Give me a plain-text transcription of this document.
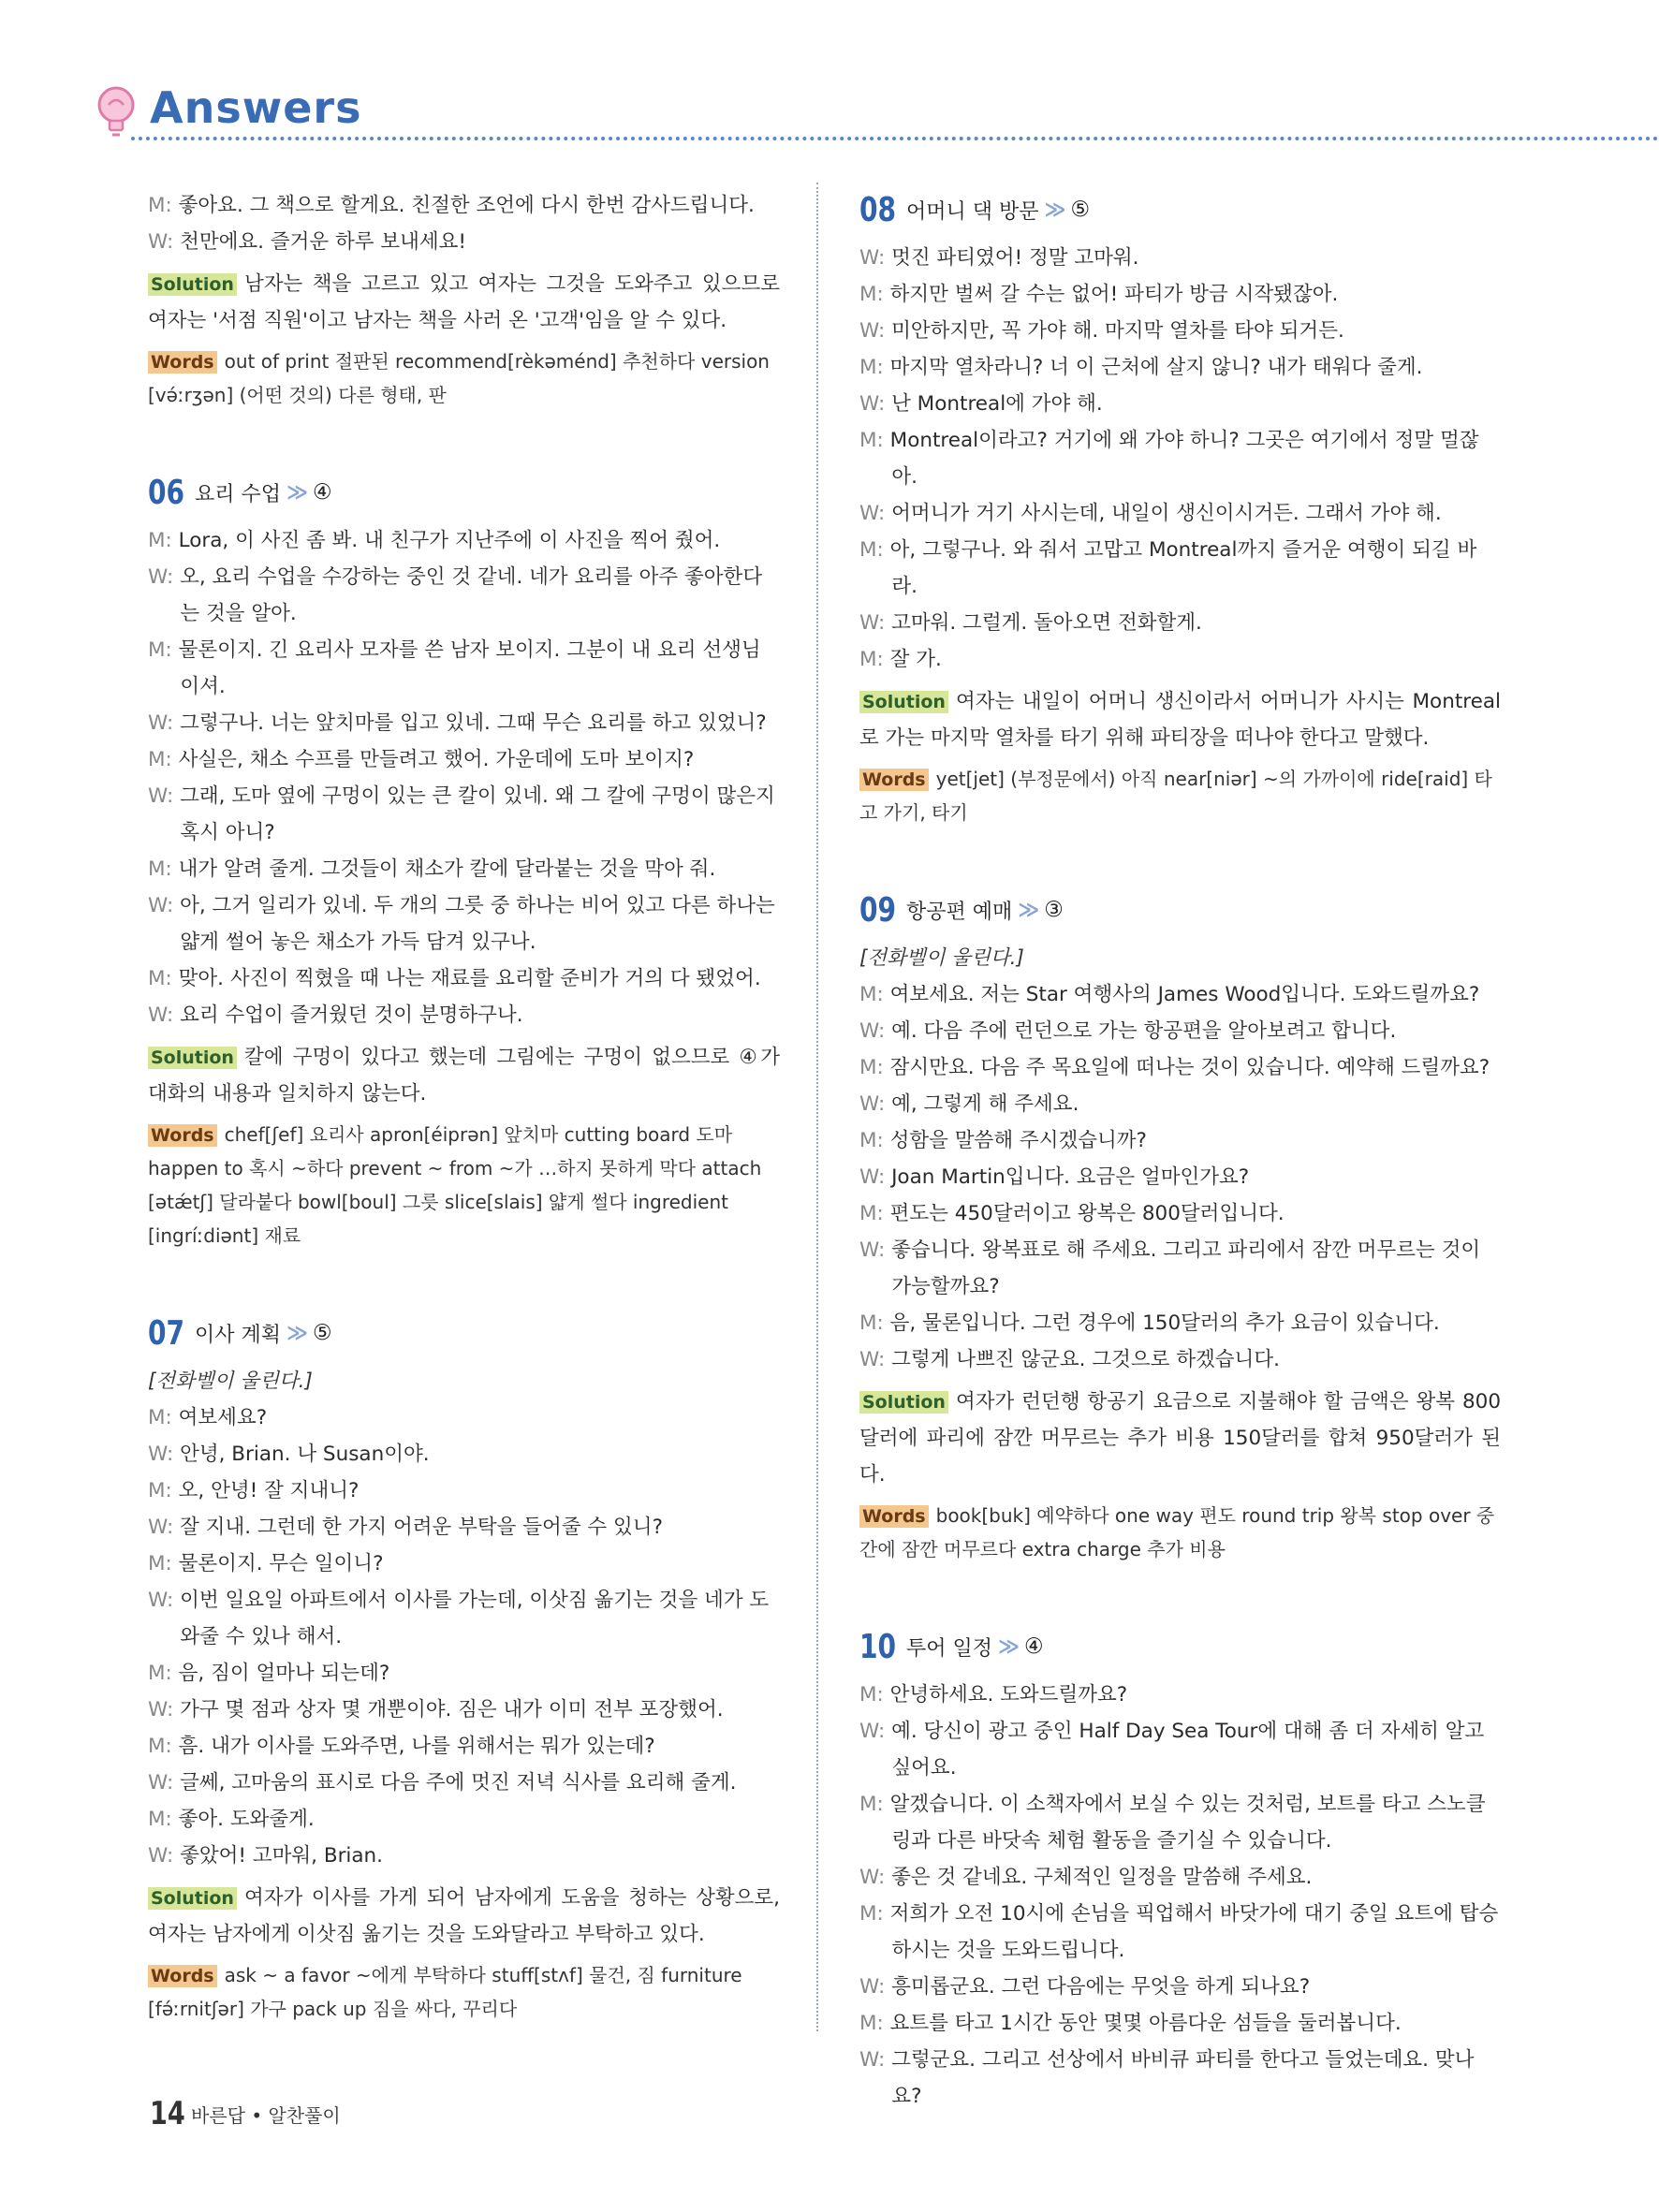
Answers
M: 좋아요. 그 책으로 할게요. 친절한 조언에 다시 한번 감사드립니다.
W: 천만에요. 즐거운 하루 보내세요!
Solution 남자는 책을 고르고 있고 여자는 그것을 도와주고 있으므로 여자는 '서점 직원'이고 남자는 책을 사러 온 '고객'임을 알 수 있다.
Words out of print 절판된 recommend[rèkəménd] 추천하다 version [və́ːrʒən] (어떤 것의) 다른 형태, 판
06 요리 수업 ≫ ④
M: Lora, 이 사진 좀 봐. 내 친구가 지난주에 이 사진을 찍어 줬어.
W: 오, 요리 수업을 수강하는 중인 것 같네. 네가 요리를 아주 좋아한다는 것을 알아.
M: 물론이지. 긴 요리사 모자를 쓴 남자 보이지. 그분이 내 요리 선생님이셔.
W: 그렇구나. 너는 앞치마를 입고 있네. 그때 무슨 요리를 하고 있었니?
M: 사실은, 채소 수프를 만들려고 했어. 가운데에 도마 보이지?
W: 그래, 도마 옆에 구멍이 있는 큰 칼이 있네. 왜 그 칼에 구멍이 많은지 혹시 아니?
M: 내가 알려 줄게. 그것들이 채소가 칼에 달라붙는 것을 막아 줘.
W: 아, 그거 일리가 있네. 두 개의 그릇 중 하나는 비어 있고 다른 하나는 얇게 썰어 놓은 채소가 가득 담겨 있구나.
M: 맞아. 사진이 찍혔을 때 나는 재료를 요리할 준비가 거의 다 됐었어.
W: 요리 수업이 즐거웠던 것이 분명하구나.
Solution 칼에 구멍이 있다고 했는데 그림에는 구멍이 없으므로 ④가 대화의 내용과 일치하지 않는다.
Words chef[ʃef] 요리사 apron[éiprən] 앞치마 cutting board 도마 happen to 혹시 ~하다 prevent ~ from ~가 …하지 못하게 막다 attach [ətǽtʃ] 달라붙다 bowl[boul] 그릇 slice[slais] 얇게 썰다 ingredient [ingríːdiənt] 재료
07 이사 계획 ≫ ⑤
[전화벨이 울린다.]
M: 여보세요?
W: 안녕, Brian. 나 Susan이야.
M: 오, 안녕! 잘 지내니?
W: 잘 지내. 그런데 한 가지 어려운 부탁을 들어줄 수 있니?
M: 물론이지. 무슨 일이니?
W: 이번 일요일 아파트에서 이사를 가는데, 이삿짐 옮기는 것을 네가 도와줄 수 있나 해서.
M: 음, 짐이 얼마나 되는데?
W: 가구 몇 점과 상자 몇 개뿐이야. 짐은 내가 이미 전부 포장했어.
M: 흠. 내가 이사를 도와주면, 나를 위해서는 뭐가 있는데?
W: 글쎄, 고마움의 표시로 다음 주에 멋진 저녁 식사를 요리해 줄게.
M: 좋아. 도와줄게.
W: 좋았어! 고마워, Brian.
Solution 여자가 이사를 가게 되어 남자에게 도움을 청하는 상황으로, 여자는 남자에게 이삿짐 옮기는 것을 도와달라고 부탁하고 있다.
Words ask ~ a favor ~에게 부탁하다 stuff[stʌf] 물건, 짐 furniture [fə́ːrnitʃər] 가구 pack up 짐을 싸다, 꾸리다
08 어머니 댁 방문 ≫ ⑤
W: 멋진 파티였어! 정말 고마워.
M: 하지만 벌써 갈 수는 없어! 파티가 방금 시작됐잖아.
W: 미안하지만, 꼭 가야 해. 마지막 열차를 타야 되거든.
M: 마지막 열차라니? 너 이 근처에 살지 않니? 내가 태워다 줄게.
W: 난 Montreal에 가야 해.
M: Montreal이라고? 거기에 왜 가야 하니? 그곳은 여기에서 정말 멀잖아.
W: 어머니가 거기 사시는데, 내일이 생신이시거든. 그래서 가야 해.
M: 아, 그렇구나. 와 줘서 고맙고 Montreal까지 즐거운 여행이 되길 바라.
W: 고마워. 그럴게. 돌아오면 전화할게.
M: 잘 가.
Solution 여자는 내일이 어머니 생신이라서 어머니가 사시는 Montreal로 가는 마지막 열차를 타기 위해 파티장을 떠나야 한다고 말했다.
Words yet[jet] (부정문에서) 아직 near[niər] ~의 가까이에 ride[raid] 타고 가기, 타기
09 항공편 예매 ≫ ③
[전화벨이 울린다.]
M: 여보세요. 저는 Star 여행사의 James Wood입니다. 도와드릴까요?
W: 예. 다음 주에 런던으로 가는 항공편을 알아보려고 합니다.
M: 잠시만요. 다음 주 목요일에 떠나는 것이 있습니다. 예약해 드릴까요?
W: 예, 그렇게 해 주세요.
M: 성함을 말씀해 주시겠습니까?
W: Joan Martin입니다. 요금은 얼마인가요?
M: 편도는 450달러이고 왕복은 800달러입니다.
W: 좋습니다. 왕복표로 해 주세요. 그리고 파리에서 잠깐 머무르는 것이 가능할까요?
M: 음, 물론입니다. 그런 경우에 150달러의 추가 요금이 있습니다.
W: 그렇게 나쁘진 않군요. 그것으로 하겠습니다.
Solution 여자가 런던행 항공기 요금으로 지불해야 할 금액은 왕복 800달러에 파리에 잠깐 머무르는 추가 비용 150달러를 합쳐 950달러가 된다.
Words book[buk] 예약하다 one way 편도 round trip 왕복 stop over 중간에 잠깐 머무르다 extra charge 추가 비용
10 투어 일정 ≫ ④
M: 안녕하세요. 도와드릴까요?
W: 예. 당신이 광고 중인 Half Day Sea Tour에 대해 좀 더 자세히 알고 싶어요.
M: 알겠습니다. 이 소책자에서 보실 수 있는 것처럼, 보트를 타고 스노클링과 다른 바닷속 체험 활동을 즐기실 수 있습니다.
W: 좋은 것 같네요. 구체적인 일정을 말씀해 주세요.
M: 저희가 오전 10시에 손님을 픽업해서 바닷가에 대기 중일 요트에 탑승하시는 것을 도와드립니다.
W: 흥미롭군요. 그런 다음에는 무엇을 하게 되나요?
M: 요트를 타고 1시간 동안 몇몇 아름다운 섬들을 둘러봅니다.
W: 그렇군요. 그리고 선상에서 바비큐 파티를 한다고 들었는데요. 맞나요?
14 바른답 • 알찬풀이
